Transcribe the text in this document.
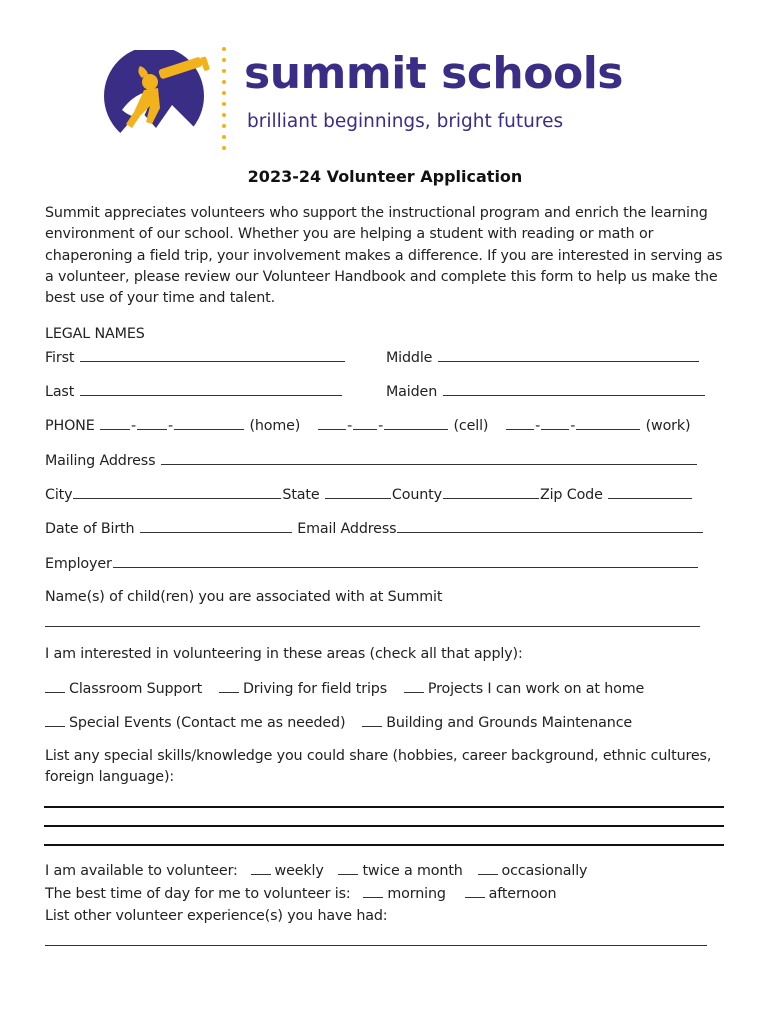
summit schools
brilliant beginnings, bright futures
2023-24 Volunteer Application

Summit appreciates volunteers who support the instructional program and enrich the learning environment of our school. Whether you are helping a student with reading or math or chaperoning a field trip, your involvement makes a difference. If you are interested in serving as a volunteer, please review our Volunteer Handbook and complete this form to help us make the best use of your time and talent.

LEGAL NAMES
First	Middle
Last	Maiden
PHONE	- -	(home)	- -	(cell)	- -	(work)
Mailing Address
City	State	County	Zip Code
Date of Birth	Email Address
Employer
Name(s) of child(ren) you are associated with at Summit
I am interested in volunteering in these areas (check all that apply):
Classroom Support	Driving for field trips	Projects I can work on at home
Special Events (Contact me as needed)	Building and Grounds Maintenance

List any special skills/knowledge you could share (hobbies, career background, ethnic cultures, foreign language):

I am available to volunteer:	weekly	twice a month	occasionally
The best time of day for me to volunteer is:	morning	afternoon
List other volunteer experience(s) you have had:
